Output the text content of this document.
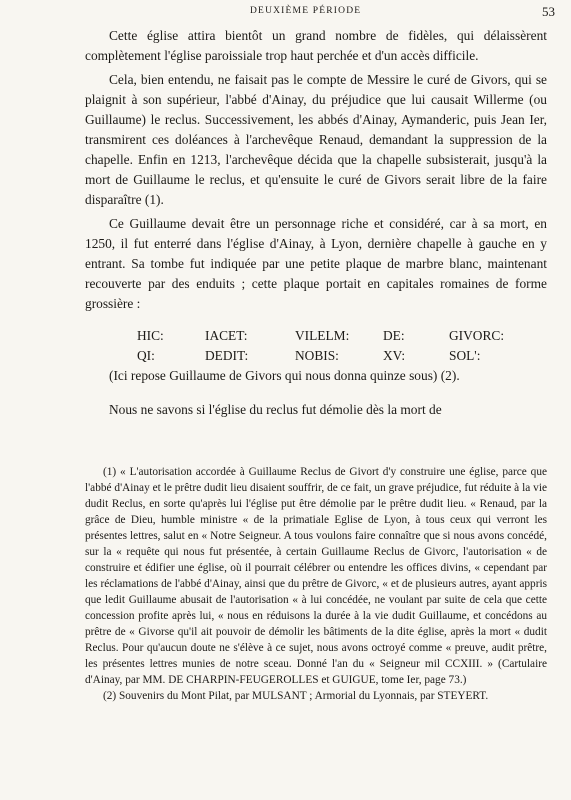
DEUXIÈME PÉRIODE	53

Cette église attira bientôt un grand nombre de fidèles, qui délaissèrent complètement l'église paroissiale trop haut perchée et d'un accès difficile.

Cela, bien entendu, ne faisait pas le compte de Messire le curé de Givors, qui se plaignit à son supérieur, l'abbé d'Ainay, du préjudice que lui causait Willerme (ou Guillaume) le reclus. Successivement, les abbés d'Ainay, Aymanderic, puis Jean Ier, transmirent ces doléances à l'archevêque Renaud, demandant la suppression de la chapelle. Enfin en 1213, l'archevêque décida que la chapelle subsisterait, jusqu'à la mort de Guillaume le reclus, et qu'ensuite le curé de Givors serait libre de la faire disparaître (1).

Ce Guillaume devait être un personnage riche et considéré, car à sa mort, en 1250, il fut enterré dans l'église d'Ainay, à Lyon, dernière chapelle à gauche en y entrant. Sa tombe fut indiquée par une petite plaque de marbre blanc, maintenant recouverte par des enduits ; cette plaque portait en capitales romaines de forme grossière :

HIC:	IACET:	VILELM:	DE:	GIVORC:
QI:	DEDIT:	NOBIS:	XV:	SOL':

(Ici repose Guillaume de Givors qui nous donna quinze sous) (2).

Nous ne savons si l'église du reclus fut démolie dès la mort de

(1) « L'autorisation accordée à Guillaume Reclus de Givort d'y construire une église, parce que l'abbé d'Ainay et le prêtre dudit lieu disaient souffrir, de ce fait, un grave préjudice, fut réduite à la vie dudit Reclus, en sorte qu'après lui l'église put être démolie par le prêtre dudit lieu. « Renaud, par la grâce de Dieu, humble ministre « de la primatiale Eglise de Lyon, à tous ceux qui verront les présentes lettres, salut en « Notre Seigneur. A tous voulons faire connaître que si nous avons concédé, sur la « requête qui nous fut présentée, à certain Guillaume Reclus de Givorc, l'autorisation « de construire et édifier une église, où il pourrait célébrer ou entendre les offices divins, « cependant par les réclamations de l'abbé d'Ainay, ainsi que du prêtre de Givorc, « et de plusieurs autres, ayant appris que ledit Guillaume abusait de l'autorisation « à lui concédée, ne voulant par suite de cela que cette concession profite après lui, « nous en réduisons la durée à la vie dudit Guillaume, et concédons au prêtre de « Givorse qu'il ait pouvoir de démolir les bâtiments de la dite église, après la mort « dudit Reclus. Pour qu'aucun doute ne s'élève à ce sujet, nous avons octroyé comme « preuve, audit prêtre, les présentes lettres munies de notre sceau. Donné l'an du « Seigneur mil CCXIII. » (Cartulaire d'Ainay, par MM. DE CHARPIN-FEUGEROLLES et GUIGUE, tome Ier, page 73.)

(2) Souvenirs du Mont Pilat, par MULSANT ; Armorial du Lyonnais, par STEYERT.
